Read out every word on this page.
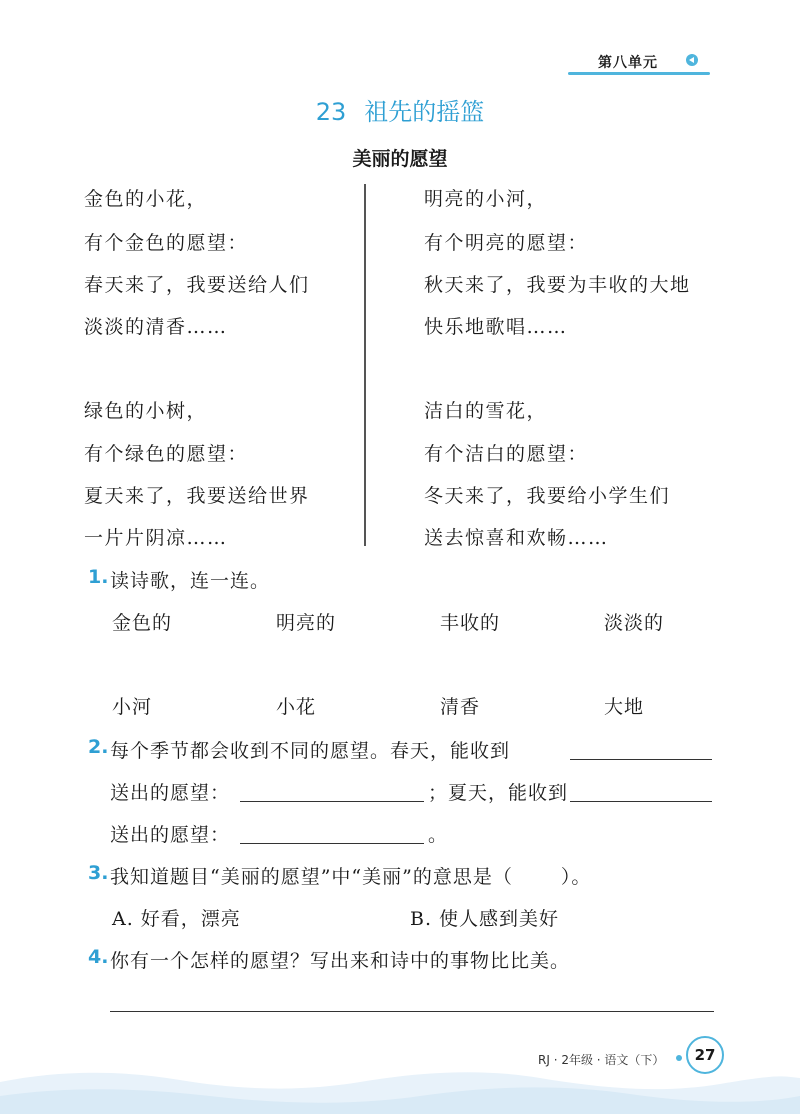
第八单元
23 祖先的摇篮
美丽的愿望
金色的小花，
有个金色的愿望：
春天来了，我要送给人们
淡淡的清香……
绿色的小树，
有个绿色的愿望：
夏天来了，我要送给世界
一片片阴凉……
明亮的小河，
有个明亮的愿望：
秋天来了，我要为丰收的大地
快乐地歌唱……
洁白的雪花，
有个洁白的愿望：
冬天来了，我要给小学生们
送去惊喜和欢畅……
1. 读诗歌，连一连。
金色的	明亮的	丰收的	淡淡的
小河	小花	清香	大地
2. 每个季节都会收到不同的愿望。春天，能收到
送出的愿望：	；夏天，能收到
送出的愿望：	。
3. 我知道题目“美丽的愿望”中“美丽”的意思是（	）。
A. 好看，漂亮	B. 使人感到美好
4. 你有一个怎样的愿望？写出来和诗中的事物比比美。
RJ · 2年级 · 语文（下）	27
